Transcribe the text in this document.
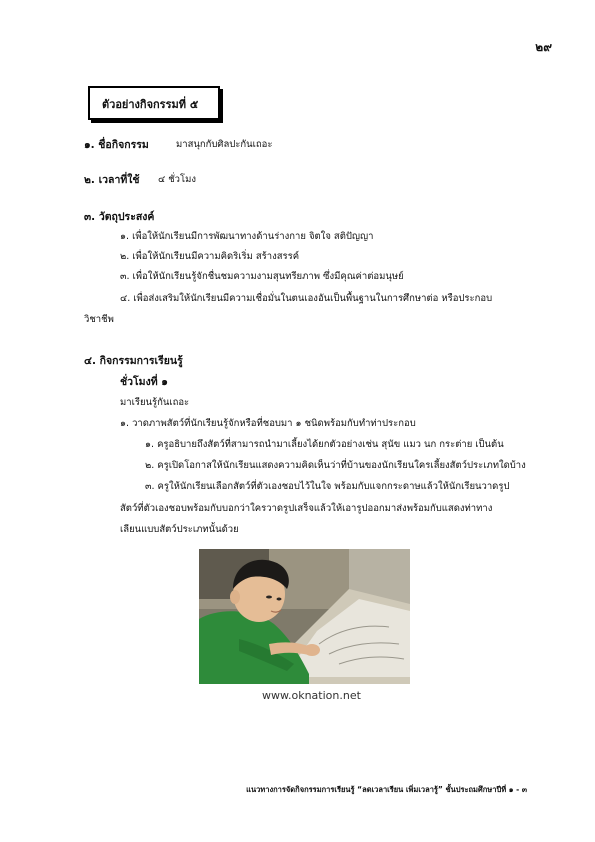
๒๙
ตัวอย่างกิจกรรมที่ ๕
๑. ชื่อกิจกรรม	มาสนุกกับศิลปะกันเถอะ
๒. เวลาที่ใช้ ๔ ชั่วโมง
๓. วัตถุประสงค์
๑. เพื่อให้นักเรียนมีการพัฒนาทางด้านร่างกาย จิตใจ สติปัญญา
๒. เพื่อให้นักเรียนมีความคิดริเริ่ม สร้างสรรค์
๓. เพื่อให้นักเรียนรู้จักชื่นชมความงามสุนทรียภาพ ซึ่งมีคุณค่าต่อมนุษย์
๔. เพื่อส่งเสริมให้นักเรียนมีความเชื่อมั่นในตนเองอันเป็นพื้นฐานในการศึกษาต่อ หรือประกอบ
วิชาชีพ
๔. กิจกรรมการเรียนรู้
ชั่วโมงที่ ๑
มาเรียนรู้กันเถอะ
๑. วาดภาพสัตว์ที่นักเรียนรู้จักหรือที่ชอบมา ๑ ชนิดพร้อมกับทำท่าประกอบ
๑. ครูอธิบายถึงสัตว์ที่สามารถนำมาเลี้ยงได้ยกตัวอย่างเช่น สุนัข แมว นก กระต่าย เป็นต้น
๒. ครูเปิดโอกาสให้นักเรียนแสดงความคิดเห็นว่าที่บ้านของนักเรียนใครเลี้ยงสัตว์ประเภทใดบ้าง
๓. ครูให้นักเรียนเลือกสัตว์ที่ตัวเองชอบไว้ในใจ พร้อมกับแจกกระดาษแล้วให้นักเรียนวาดรูป
สัตว์ที่ตัวเองชอบพร้อมกับบอกว่าใครวาดรูปเสร็จแล้วให้เอารูปออกมาส่งพร้อมกับแสดงท่าทาง
เลียนแบบสัตว์ประเภทนั้นด้วย
www.oknation.net
แนวทางการจัดกิจกรรมการเรียนรู้ “ลดเวลาเรียน เพิ่มเวลารู้” ชั้นประถมศึกษาปีที่ ๑ - ๓
